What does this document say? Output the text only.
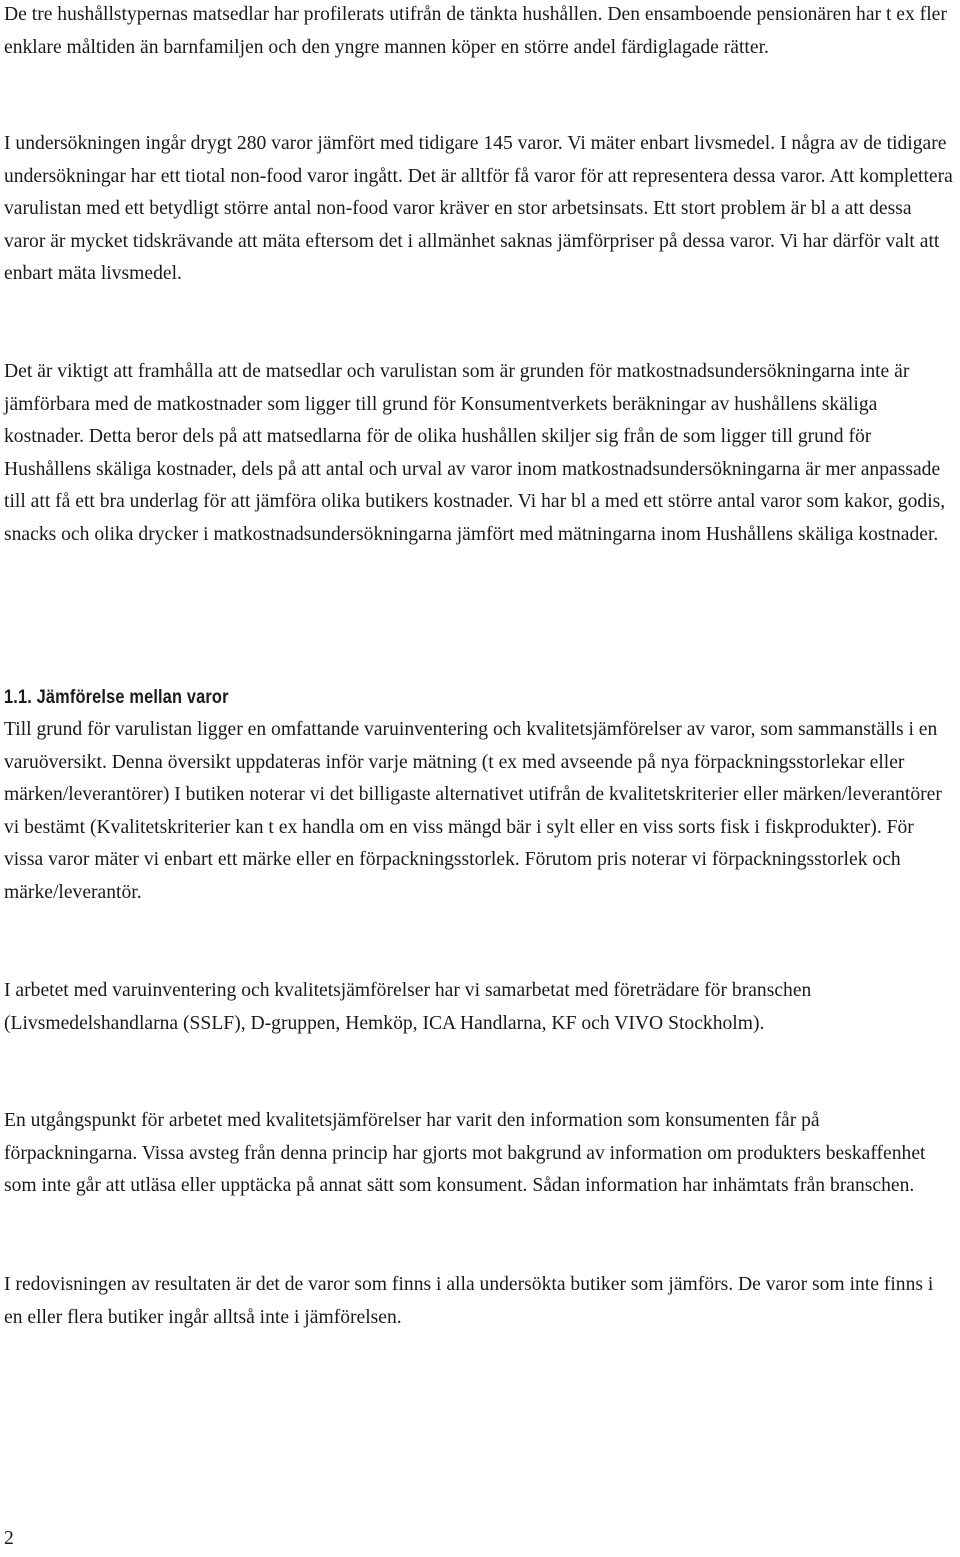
De tre hushållstypernas matsedlar har profilerats utifrån de tänkta hushållen. Den ensamboende pensionären har t ex fler enklare måltiden än barnfamiljen och den yngre mannen köper en större andel färdiglagade rätter.

I undersökningen ingår drygt 280 varor jämfört med tidigare 145 varor. Vi mäter enbart livsmedel. I några av de tidigare undersökningar har ett tiotal non-food varor ingått. Det är alltför få varor för att representera dessa varor. Att komplettera varulistan med ett betydligt större antal non-food varor kräver en stor arbetsinsats. Ett stort problem är bl a att dessa varor är mycket tidskrävande att mäta eftersom det i allmänhet saknas jämförpriser på dessa varor. Vi har därför valt att enbart mäta livsmedel.

Det är viktigt att framhålla att de matsedlar och varulistan som är grunden för matkostnadsundersökningarna inte är jämförbara med de matkostnader som ligger till grund för Konsumentverkets beräkningar av hushållens skäliga kostnader. Detta beror dels på att matsedlarna för de olika hushållen skiljer sig från de som ligger till grund för Hushållens skäliga kostnader, dels på att antal och urval av varor inom matkostnadsundersökningarna är mer anpassade till att få ett bra underlag för att jämföra olika butikers kostnader. Vi har bl a med ett större antal varor som kakor, godis, snacks och olika drycker i matkostnadsundersökningarna jämfört med mätningarna inom Hushållens skäliga kostnader.

1.1. Jämförelse mellan varor

Till grund för varulistan ligger en omfattande varuinventering och kvalitetsjämförelser av varor, som sammanställs i en varuöversikt. Denna översikt uppdateras inför varje mätning (t ex med avseende på nya förpackningsstorlekar eller märken/leverantörer) I butiken noterar vi det billigaste alternativet utifrån de kvalitetskriterier eller märken/leverantörer vi bestämt (Kvalitetskriterier kan t ex handla om en viss mängd bär i sylt eller en viss sorts fisk i fiskprodukter). För vissa varor mäter vi enbart ett märke eller en förpackningsstorlek. Förutom pris noterar vi förpackningsstorlek och märke/leverantör.

I arbetet med varuinventering och kvalitetsjämförelser har vi samarbetat med företrädare för branschen (Livsmedelshandlarna (SSLF), D-gruppen, Hemköp, ICA Handlarna, KF och VIVO Stockholm).

En utgångspunkt för arbetet med kvalitetsjämförelser har varit den information som konsumenten får på förpackningarna. Vissa avsteg från denna princip har gjorts mot bakgrund av information om produkters beskaffenhet som inte går att utläsa eller upptäcka på annat sätt som konsument. Sådan information har inhämtats från branschen.

I redovisningen av resultaten är det de varor som finns i alla undersökta butiker som jämförs. De varor som inte finns i en eller flera butiker ingår alltså inte i jämförelsen.

2
